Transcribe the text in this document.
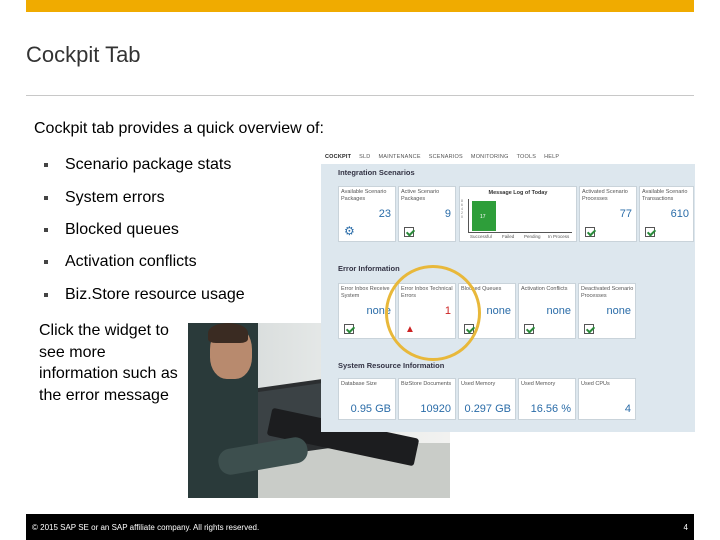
Cockpit Tab
Cockpit tab provides a quick overview of:
Scenario package stats
System errors
Blocked queues
Activation conflicts
Biz.Store resource usage
Click the widget to see more information such as the error message
COCKPIT SLD MAINTENANCE SCENARIOS MONITORING TOOLS HELP
Integration Scenarios
Available Scenario Packages
23
⚙
Active Scenario Packages
9
Message Log of Today
8
6
4
2
0	17
Successful Failed Pending In Process
Activated Scenario Processes
77
Available Scenario Transactions
610
Error Information
Error Inbox Receive System
none
Error Inbox Technical Errors
1
▲
Blocked Queues
none
Activation Conflicts
none
Deactivated Scenario Processes
none
System Resource Information
Database Size
0.95 GB
BizStore Documents
10920
Used Memory
0.297 GB
Used Memory
16.56 %
Used CPUs
4
© 2015 SAP SE or an SAP affiliate company. All rights reserved.	4
